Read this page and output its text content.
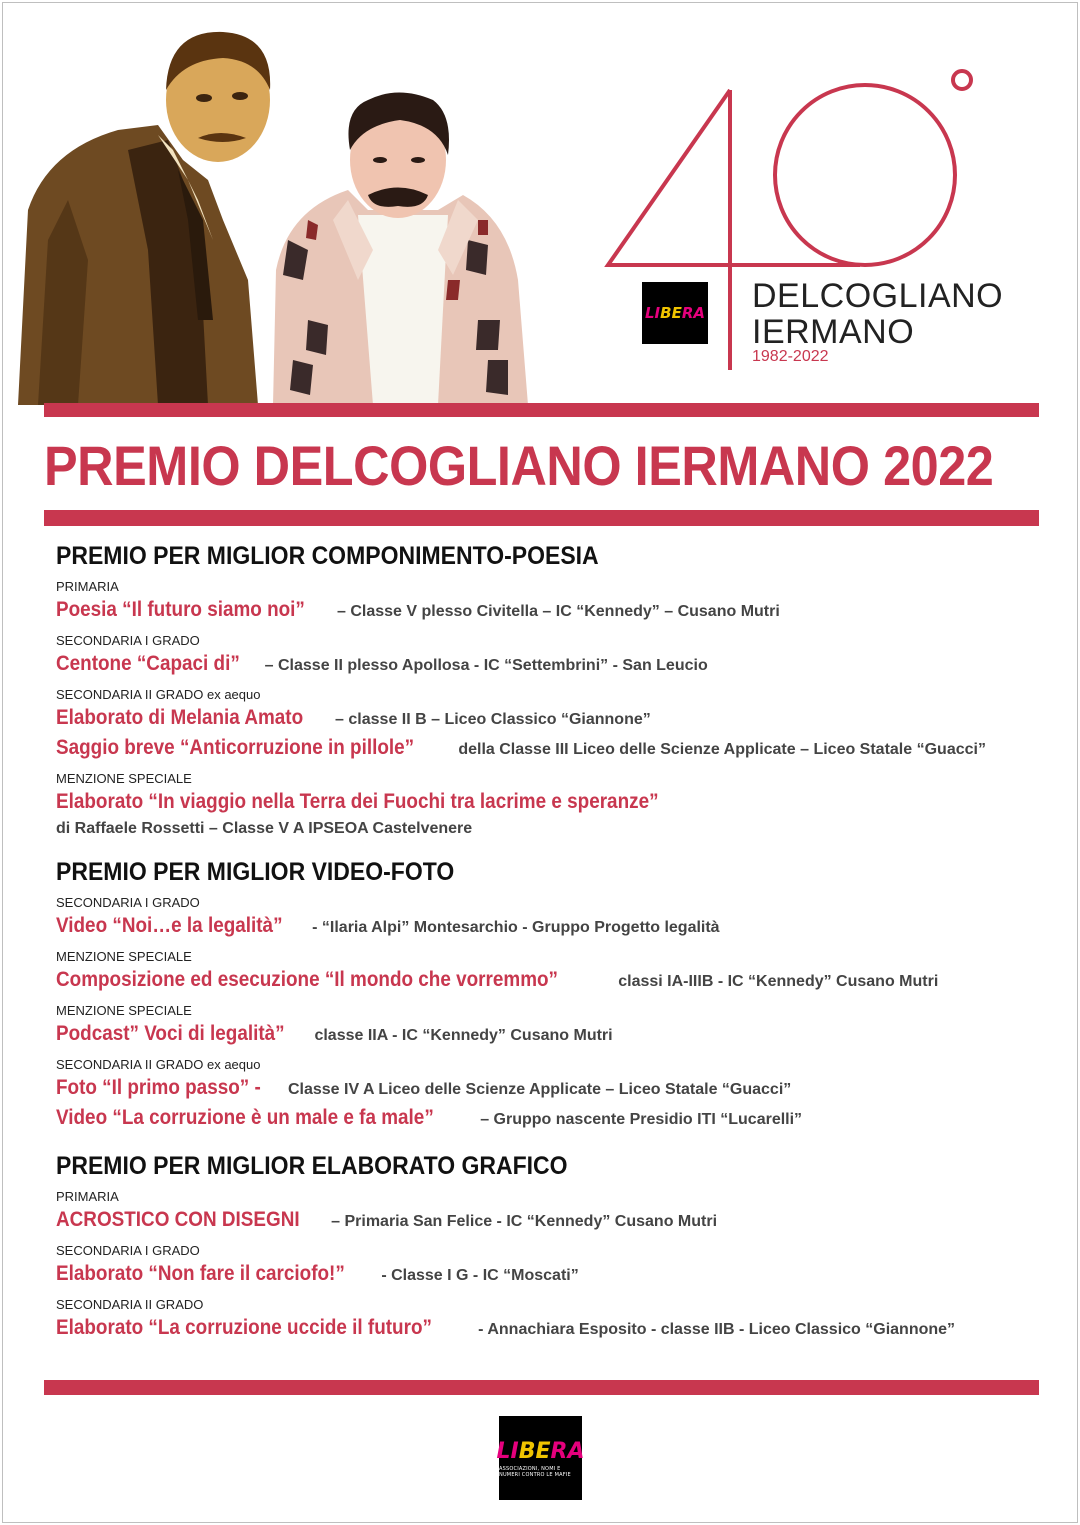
LIBERA DELCOGLIANO
IERMANO
1982-2022
PREMIO DELCOGLIANO IERMANO 2022
PREMIO PER MIGLIOR COMPONIMENTO-POESIA
PRIMARIA
Poesia “Il futuro siamo noi” – Classe V plesso Civitella – IC “Kennedy” – Cusano Mutri
SECONDARIA I GRADO
Centone “Capaci di” – Classe II plesso Apollosa - IC “Settembrini” - San Leucio
SECONDARIA II GRADO ex aequo
Elaborato di Melania Amato – classe II B – Liceo Classico “Giannone”
Saggio breve “Anticorruzione in pillole” della Classe III Liceo delle Scienze Applicate – Liceo Statale “Guacci”
MENZIONE SPECIALE
Elaborato “In viaggio nella Terra dei Fuochi tra lacrime e speranze”
di Raffaele Rossetti – Classe V A IPSEOA Castelvenere
PREMIO PER MIGLIOR VIDEO-FOTO
SECONDARIA I GRADO
Video “Noi…e la legalità” - “Ilaria Alpi” Montesarchio - Gruppo Progetto legalità
MENZIONE SPECIALE
Composizione ed esecuzione “Il mondo che vorremmo”	classi IA-IIIB - IC “Kennedy” Cusano Mutri
MENZIONE SPECIALE
Podcast” Voci di legalità” classe IIA - IC “Kennedy” Cusano Mutri
SECONDARIA II GRADO ex aequo
Foto “Il primo passo” - Classe IV A Liceo delle Scienze Applicate – Liceo Statale “Guacci”
Video “La corruzione è un male e fa male”	– Gruppo nascente Presidio ITI “Lucarelli”
PREMIO PER MIGLIOR ELABORATO GRAFICO
PRIMARIA
ACROSTICO CON DISEGNI – Primaria San Felice - IC “Kennedy” Cusano Mutri
SECONDARIA I GRADO
Elaborato “Non fare il carciofo!” - Classe I G - IC “Moscati”
SECONDARIA II GRADO
Elaborato “La corruzione uccide il futuro”	- Annachiara Esposito - classe IIB - Liceo Classico “Giannone”
LIBERA
ASSOCIAZIONI, NOMI E NUMERI CONTRO LE MAFIE
